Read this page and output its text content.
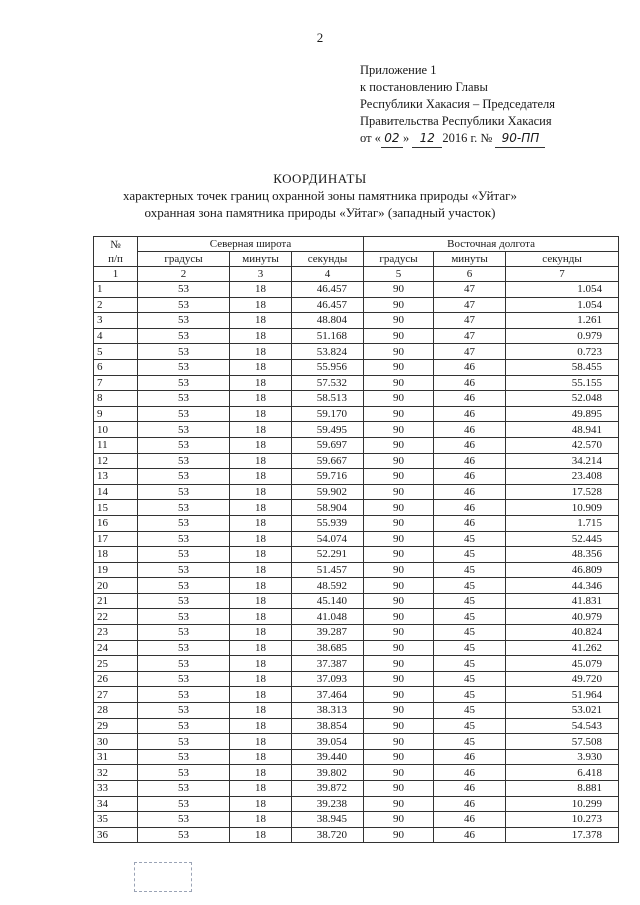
2
Приложение 1
к постановлению Главы
Республики Хакасия – Председателя
Правительства Республики Хакасия
от « 02 » 12 2016 г. № 90-ПП
КООРДИНАТЫ
характерных точек границ охранной зоны памятника природы «Уйтаг»
охранная зона памятника природы «Уйтаг» (западный участок)
№
п/п	Северная широта			Восточная долгота		
	градусы	минуты	секунды	градусы	минуты	секунды
1	2	3	4	5	6	7
1	53	18	46.457	90	47	1.054
2	53	18	46.457	90	47	1.054
3	53	18	48.804	90	47	1.261
4	53	18	51.168	90	47	0.979
5	53	18	53.824	90	47	0.723
6	53	18	55.956	90	46	58.455
7	53	18	57.532	90	46	55.155
8	53	18	58.513	90	46	52.048
9	53	18	59.170	90	46	49.895
10	53	18	59.495	90	46	48.941
11	53	18	59.697	90	46	42.570
12	53	18	59.667	90	46	34.214
13	53	18	59.716	90	46	23.408
14	53	18	59.902	90	46	17.528
15	53	18	58.904	90	46	10.909
16	53	18	55.939	90	46	1.715
17	53	18	54.074	90	45	52.445
18	53	18	52.291	90	45	48.356
19	53	18	51.457	90	45	46.809
20	53	18	48.592	90	45	44.346
21	53	18	45.140	90	45	41.831
22	53	18	41.048	90	45	40.979
23	53	18	39.287	90	45	40.824
24	53	18	38.685	90	45	41.262
25	53	18	37.387	90	45	45.079
26	53	18	37.093	90	45	49.720
27	53	18	37.464	90	45	51.964
28	53	18	38.313	90	45	53.021
29	53	18	38.854	90	45	54.543
30	53	18	39.054	90	45	57.508
31	53	18	39.440	90	46	3.930
32	53	18	39.802	90	46	6.418
33	53	18	39.872	90	46	8.881
34	53	18	39.238	90	46	10.299
35	53	18	38.945	90	46	10.273
36	53	18	38.720	90	46	17.378
